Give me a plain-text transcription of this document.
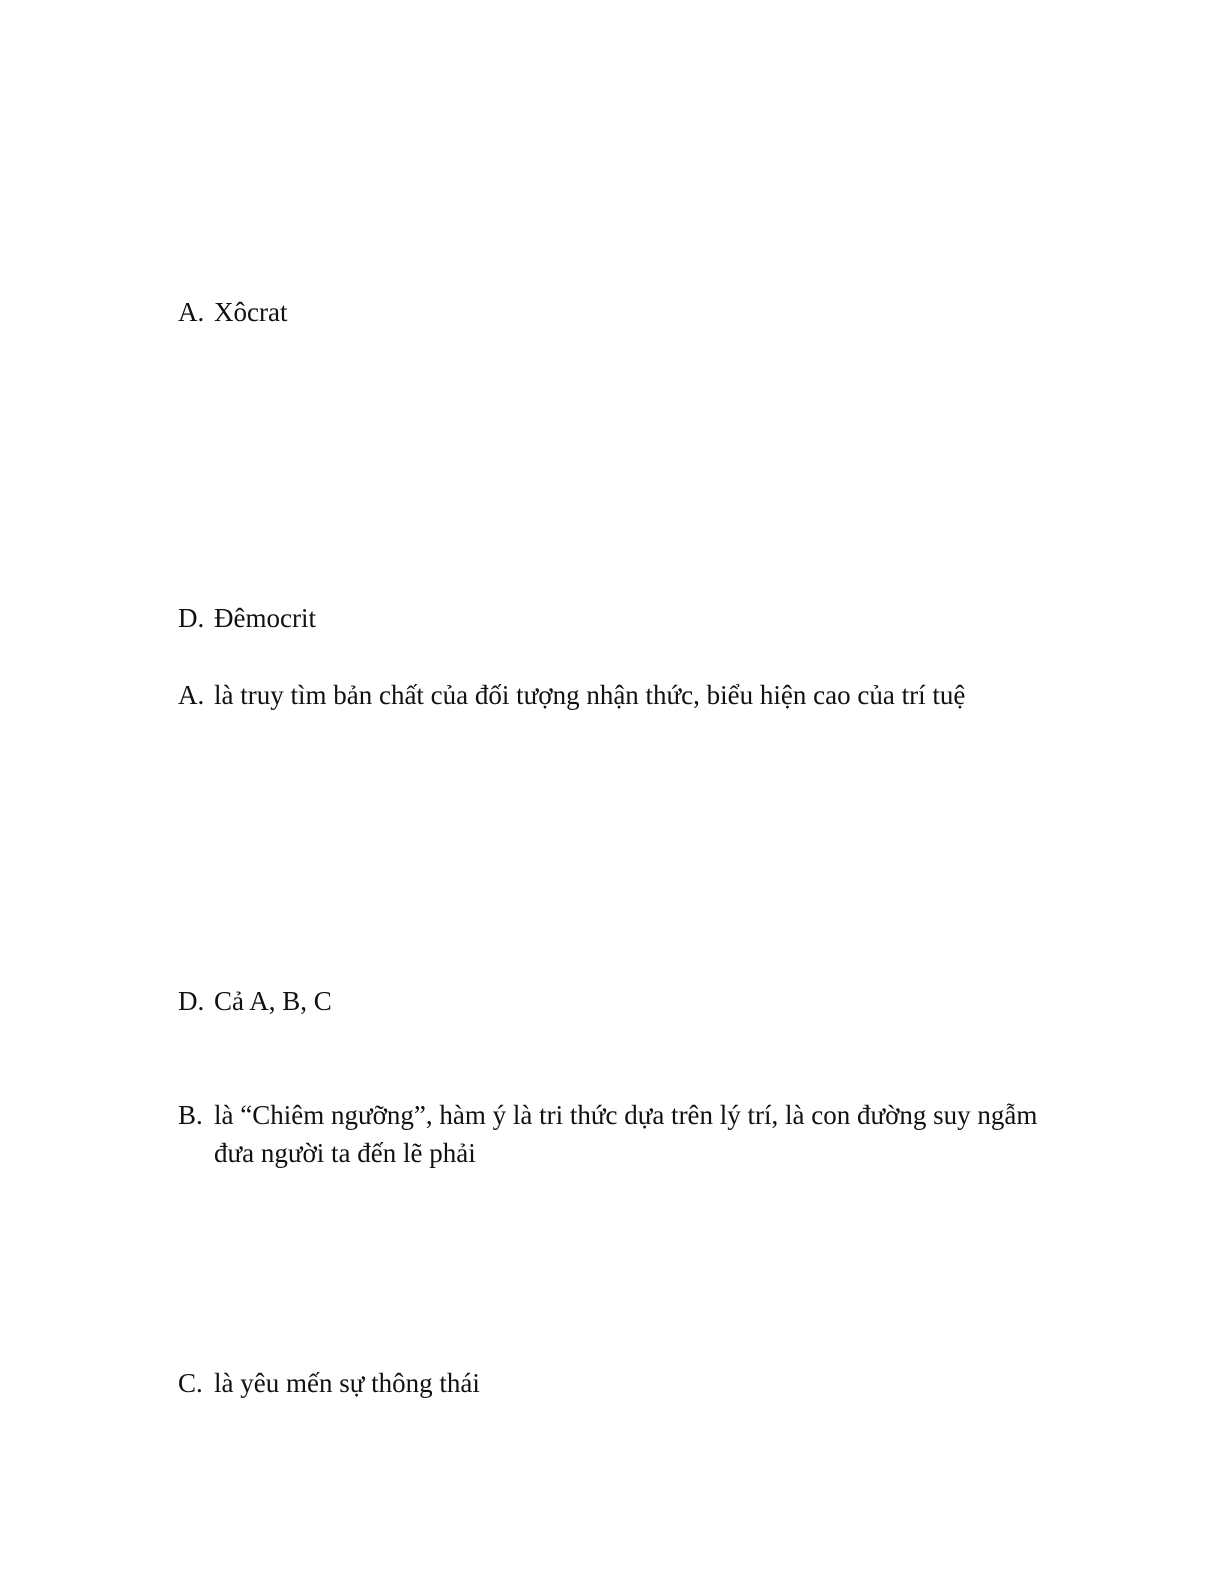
A. Xôcrat
D. Đêmocrit
A. là truy tìm bản chất của đối tượng nhận thức, biểu hiện cao của trí tuệ
D. Cả A, B, C
B. là “Chiêm ngưỡng”, hàm ý là tri thức dựa trên lý trí, là con đường suy ngẫm đưa người ta đến lẽ phải
C. là yêu mến sự thông thái
